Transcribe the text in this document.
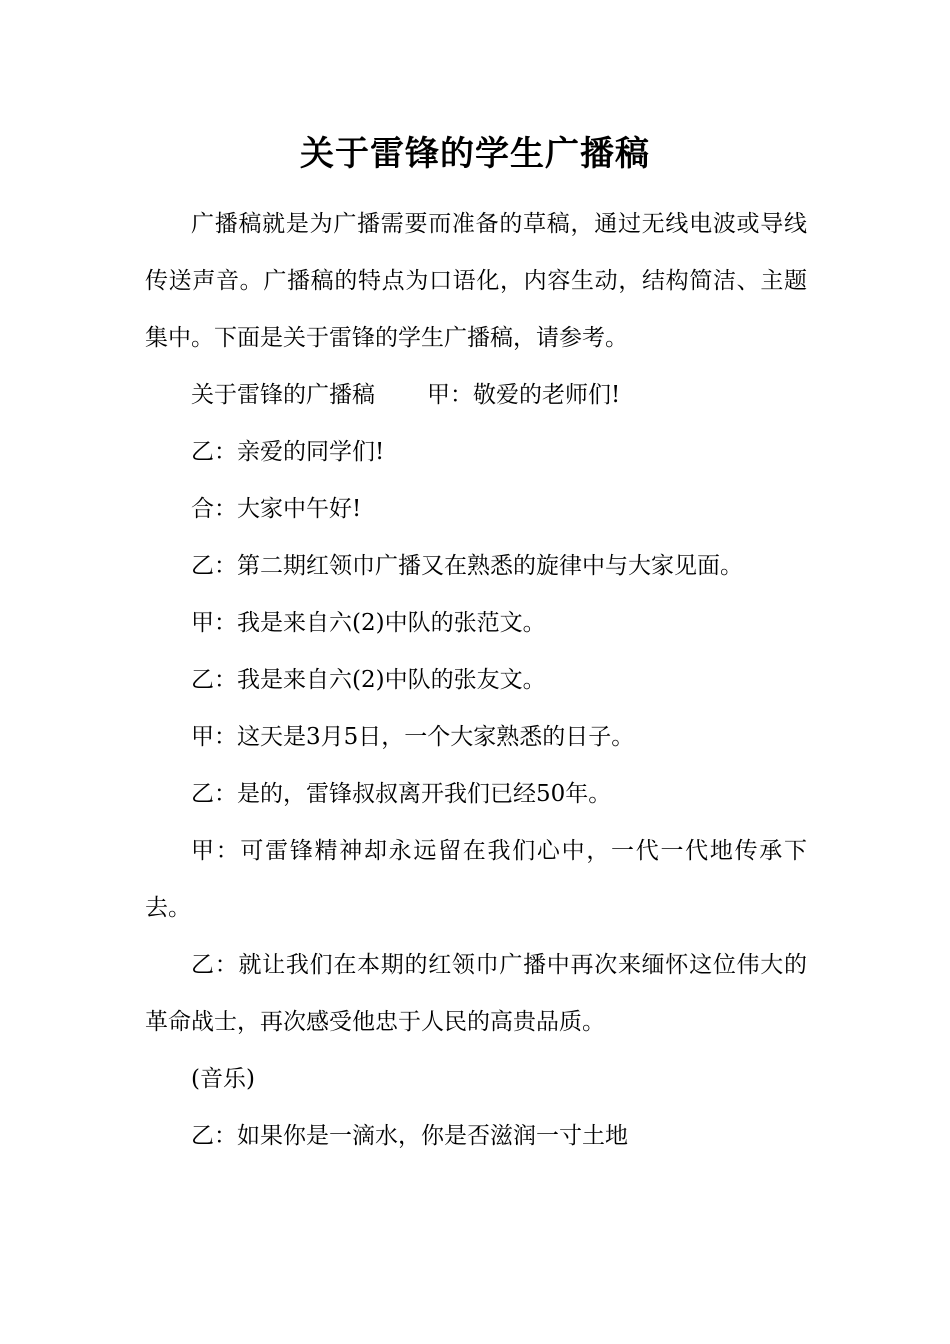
关于雷锋的学生广播稿

广播稿就是为广播需要而准备的草稿，通过无线电波或导线传送声音。广播稿的特点为口语化，内容生动，结构简洁、主题集中。下面是关于雷锋的学生广播稿，请参考。

关于雷锋的广播稿 甲：敬爱的老师们!

乙：亲爱的同学们!

合：大家中午好!

乙：第二期红领巾广播又在熟悉的旋律中与大家见面。

甲：我是来自六(2)中队的张范文。

乙：我是来自六(2)中队的张友文。

甲：这天是3月5日，一个大家熟悉的日子。

乙：是的，雷锋叔叔离开我们已经50年。

甲：可雷锋精神却永远留在我们心中，一代一代地传承下去。

乙：就让我们在本期的红领巾广播中再次来缅怀这位伟大的革命战士，再次感受他忠于人民的高贵品质。

(音乐)

乙：如果你是一滴水，你是否滋润一寸土地
